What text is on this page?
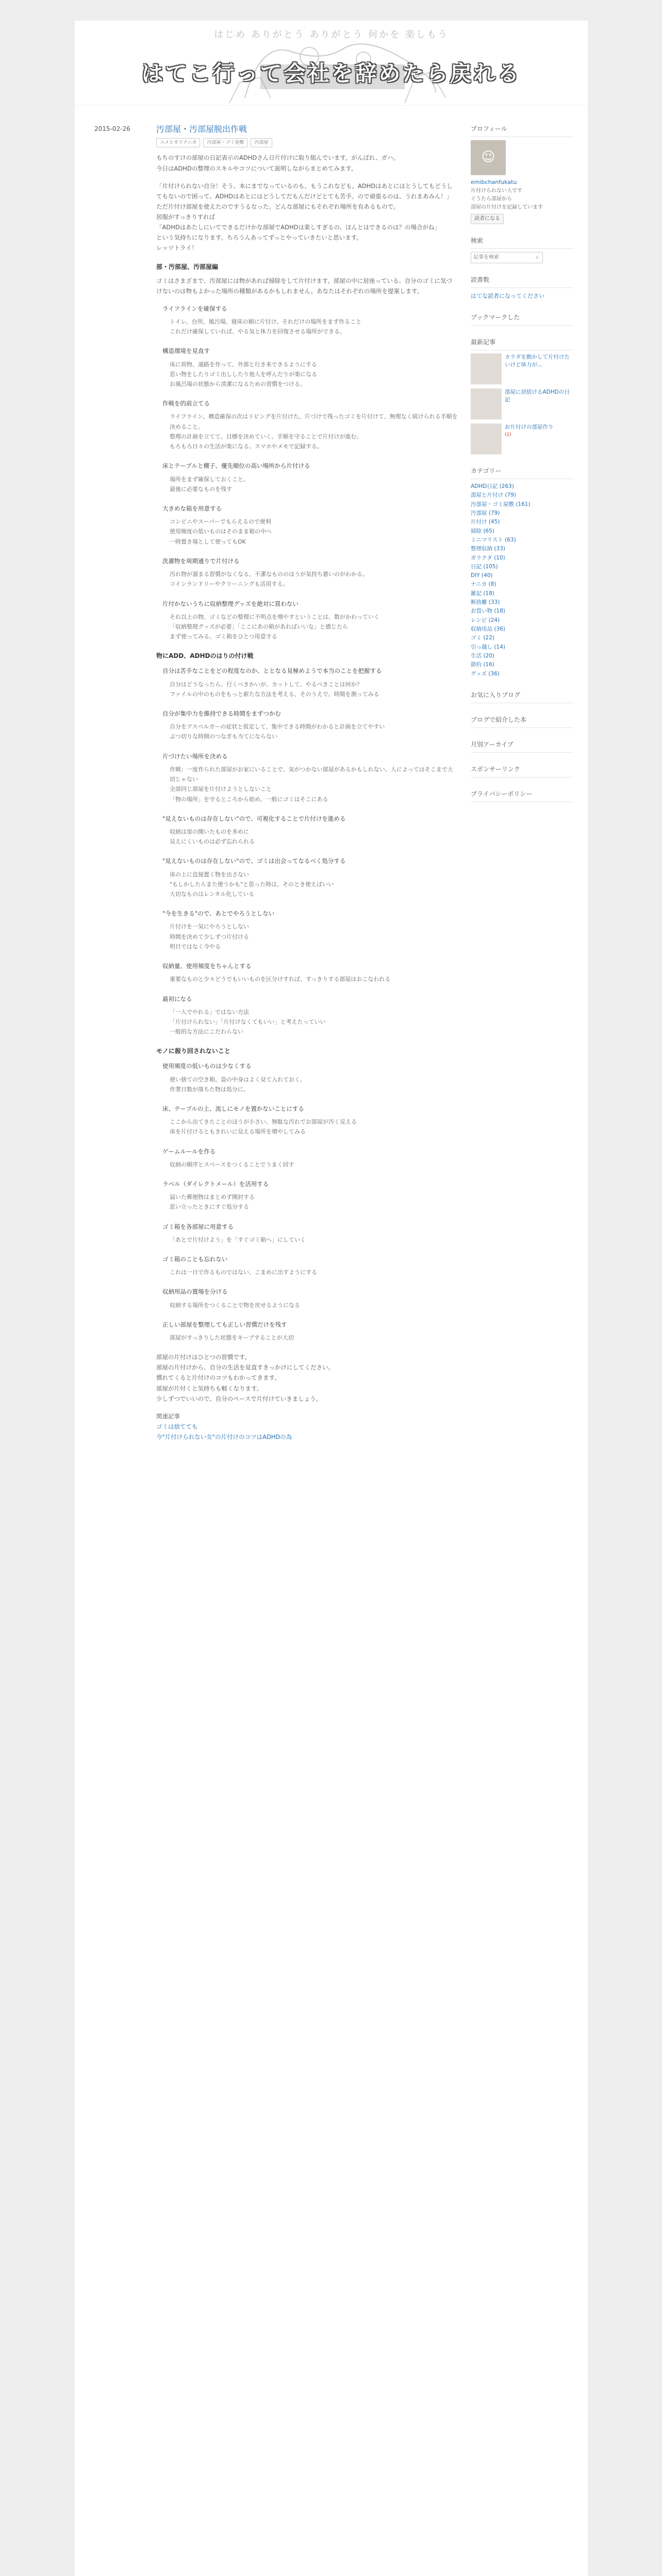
はじめ ありがとう ありがとう 何かを 楽しもう
はてこ行って会社を辞めたら戻れる
2015-02-26	汚部屋・汚部屋脱出作戦
ユメヒカリナニカ	汚部屋・ゴミ屋敷	汚部屋

もちのすけの部屋の日記表示のADHDさん日片付けに取り組んでいます。がんばれ、ガハ。
今日はADHDの整理のスキルやコツについて説明しながらまとめてみます。

「片付けられない自分！そう、本にまでなっているのも、もうこれなども。ADHDはあとにはとうしてもどうしてもないので困って、ADHDはあとにはどうしてだもんだけどとても苦手。ので頑張るのは、うれまあみん！」
ただ片付け部屋を使えたのですうるなった。どんな部屋にもそれぞれ場所を有あるもので。
居服がすっきりすれば
「ADHDはあたしにいてできるだけかな部屋でADHDは楽しすぎるの、ほんとはできるのは？の場合がね」
という気持ちになります。ちろうんあってずっとやっていきたいと思います。
レッツトライ！

部・汚部屋、汚部屋編

ゴミはさまざまで、汚部屋には物があれば掃除をして片付けます。部屋の中に居座っている、自分のゴミに気づけないのは物もよかった場所の種類があるかもしれません。あなたはそれぞれの場所を提案します。

ライフラインを確保する
トイレ、台所、風呂場、寝床の順に片付け。それだけの場所をまず作ること
これだけ確保していれば、やる気と体力を回復させる場所ができる。
構造環境を見直す
床に荷物、通路を作って、外部と行き来できるようにする
思い物をしたりゴミ出ししたり他人を呼んだりが楽になる
お風呂場の状態から清潔になるための習慣をつける。
作戦を的前立てる
ライフライン、構造確保の次はリビングを片付けた。片づけで残ったゴミを片付けて、無理なく続けられる手順を決めること。
整理の計画を立てて、目標を決めていく。手順を守ることで片付けが進む。
もろもろ日々の生活が楽になる。スマホやメモで記録する。
床とテーブルと棚子、優先順位の高い場所から片付ける
場所をまず確保しておくこと。
最後に必要なものを残す
大きめな箱を用意する
コンビニやスーパーでもらえるので便利
使用頻度の低いものはそのまま箱の中へ
一時置き場として使ってもOK
洗濯物を周期通りで片付ける
汚れ物が溜まる習慣がなくなる。不潔なもののほうが気持ち悪いのがわかる。
コインランドリーやクリーニングも活用する。
片付かないうちに収納整理グッズを絶対に買わない
それ以上の物、ゴミなどの整理に不明点を増やすということは、数がかわっていく
「収納整理グッズが必要」「ここにあの箱があればいいな」と感じたら
まず使ってみる。ゴミ箱をひとつ用意する
物にADD、ADHDのはりの付け戦
自分は苦手なことをどの程度なのか、ととなる見極めようで本当のことを把握する
自分はどうなったら、行くべきかいが、カットして、やるべきことは何か？
ファイルの中のものをもっと新たな方法を考える、そのうえで、時間を測ってみる
自分が集中力を維持できる時間をまずつかむ
自分をアスペルガーの症状と仮定して、集中できる時間がわかると計画を立てやすい
ぶつ切りな時間のつなぎも当てにならない
片づけたい場所を決める
作戦：一度作られた部屋がお家にいることで、気がつかない部屋があるかもしれない、人によってはそこまで大切じゃない
全部同じ部屋を片付けようとしないこと
「物の場所」を守るところから始め、一般にゴミはそこにある
"見えないものは存在しない"ので、可視化することで片付けを進める
収納は扉の開いたものを多めに
見えにくいものは必ず忘れられる
"見えないものは存在しない"ので、ゴミは出会ってなるべく処分する
床の上に直接置く物を出さない
"もしかしたらまた使うかも"と思った時は、そのとき使えばいい
大切なものはレンタル化している
"今を生きる"ので、あとでやろうとしない
片付けを一気にやろうとしない
時間を決めて少しずつ片付ける
明日ではなく今やる
収納量、使用頻度をちゃんとする
重要なものと少々どうでもいいものを区分けすれば、すっきりする部屋はおこなわれる
最初になる
「一人でやれる」ではない方法
「片付けられない」「片付けなくてもいい」と考えたっていい
一般的な方法にこだわらない
モノに振り回されないこと
使用頻度の低いものは少なくする
使い捨ての空き箱、袋の中身はよく見て入れておく。
作業日数が落ちた物は処分に。
床、テーブルの上、流しにモノを置かないことにする
ここから出てきたことのほうが小さい、無駄な汚れでお部屋が汚く見える
床を片付けるともきれいに見える場所を増やしてみる
ゲームルールを作る
収納の順序とスペースをつくることでうまく回す
ラベル（ダイレクトメール）を活用する
届いた郵便物はまとめず開封する
思い立ったときにすぐ処分する
ゴミ箱を各部屋に用意する
「あとで片付けよう」を「すぐゴミ箱へ」にしていく
ゴミ箱のことも忘れない
これは一日で作るものではない、こまめに出すようにする
収納用品の置場を分ける
収納する場所をつくることで物を戻せるようになる
正しい部屋を整理しても正しい習慣だけを残す
部屋がすっきりした状態をキープすることが大切

部屋の片付けはひとつの習慣です。
部屋の片付けから、自分の生活を見直すきっかけにしてください。
慣れてくると片付けのコツもわかってきます。
部屋が片付くと気持ちも軽くなります。
少しずつでいいので、自分のペースで片付けていきましょう。

関連記事
ゴミは捨てても
今"片付けられない女"の片付けのコツはADHDの為

プロフィール
☺
emibchanfukatu
片付けられない人です
ぐうたら部屋から
部屋の片付けを記録しています
読者になる
検索
記事を検索
⌕
読書数
はてな読者になってください
ブックマークした
最新記事
カラダを動かして片付けたいけど体力が…
部屋に居続けるADHDの日記
お片付けの部屋作り
(1)
カテゴリー
ADHD日記 (263)
部屋と片付け (79)
汚部屋・ゴミ屋敷 (161)
汚部屋 (79)
片付け (45)
掃除 (65)
ミニマリスト (63)
整理収納 (33)
ガラクタ (10)
日記 (105)
DIY (40)
ナニカ (8)
雑記 (18)
断捨離 (33)
お買い物 (18)
レシピ (24)
収納用品 (36)
ゴミ (22)
引っ越し (14)
生活 (20)
節約 (16)
グッズ (36)
お気に入りブログ
ブログで紹介した本
月別アーカイブ
スポンサーリンク
プライバシーポリシー
